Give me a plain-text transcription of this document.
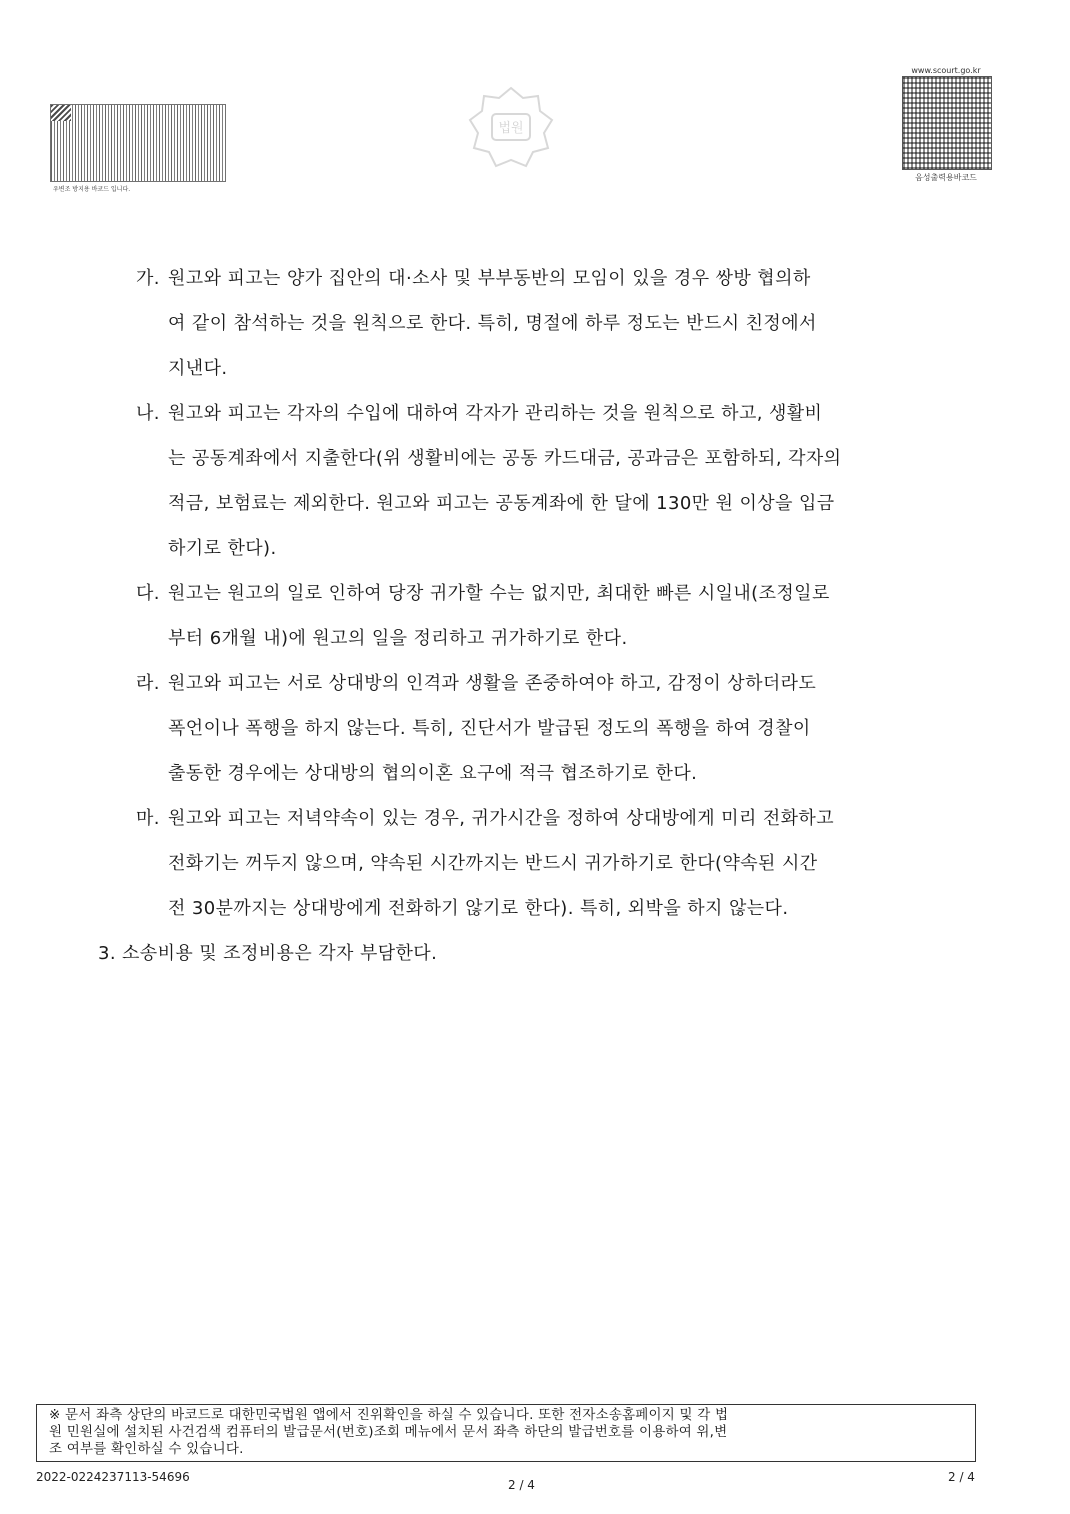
우변조 방지용 바코드 입니다.
법원
www.scourt.go.kr
음성출력용바코드
가. 원고와 피고는 양가 집안의 대·소사 및 부부동반의 모임이 있을 경우 쌍방 협의하
여 같이 참석하는 것을 원칙으로 한다. 특히, 명절에 하루 정도는 반드시 친정에서
지낸다.
나. 원고와 피고는 각자의 수입에 대하여 각자가 관리하는 것을 원칙으로 하고, 생활비
는 공동계좌에서 지출한다(위 생활비에는 공동 카드대금, 공과금은 포함하되, 각자의
적금, 보험료는 제외한다. 원고와 피고는 공동계좌에 한 달에 130만 원 이상을 입금
하기로 한다).
다. 원고는 원고의 일로 인하여 당장 귀가할 수는 없지만, 최대한 빠른 시일내(조정일로
부터 6개월 내)에 원고의 일을 정리하고 귀가하기로 한다.
라. 원고와 피고는 서로 상대방의 인격과 생활을 존중하여야 하고, 감정이 상하더라도
폭언이나 폭행을 하지 않는다. 특히, 진단서가 발급된 정도의 폭행을 하여 경찰이
출동한 경우에는 상대방의 협의이혼 요구에 적극 협조하기로 한다.
마. 원고와 피고는 저녁약속이 있는 경우, 귀가시간을 정하여 상대방에게 미리 전화하고
전화기는 꺼두지 않으며, 약속된 시간까지는 반드시 귀가하기로 한다(약속된 시간
전 30분까지는 상대방에게 전화하기 않기로 한다). 특히, 외박을 하지 않는다.
3. 소송비용 및 조정비용은 각자 부담한다.
※ 문서 좌측 상단의 바코드로 대한민국법원 앱에서 진위확인을 하실 수 있습니다. 또한 전자소송홈페이지 및 각 법
원 민원실에 설치된 사건검색 컴퓨터의 발급문서(번호)조회 메뉴에서 문서 좌측 하단의 발급번호를 이용하여 위,변
조 여부를 확인하실 수 있습니다.
2022-0224237113-54696
2 / 4
2 / 4
